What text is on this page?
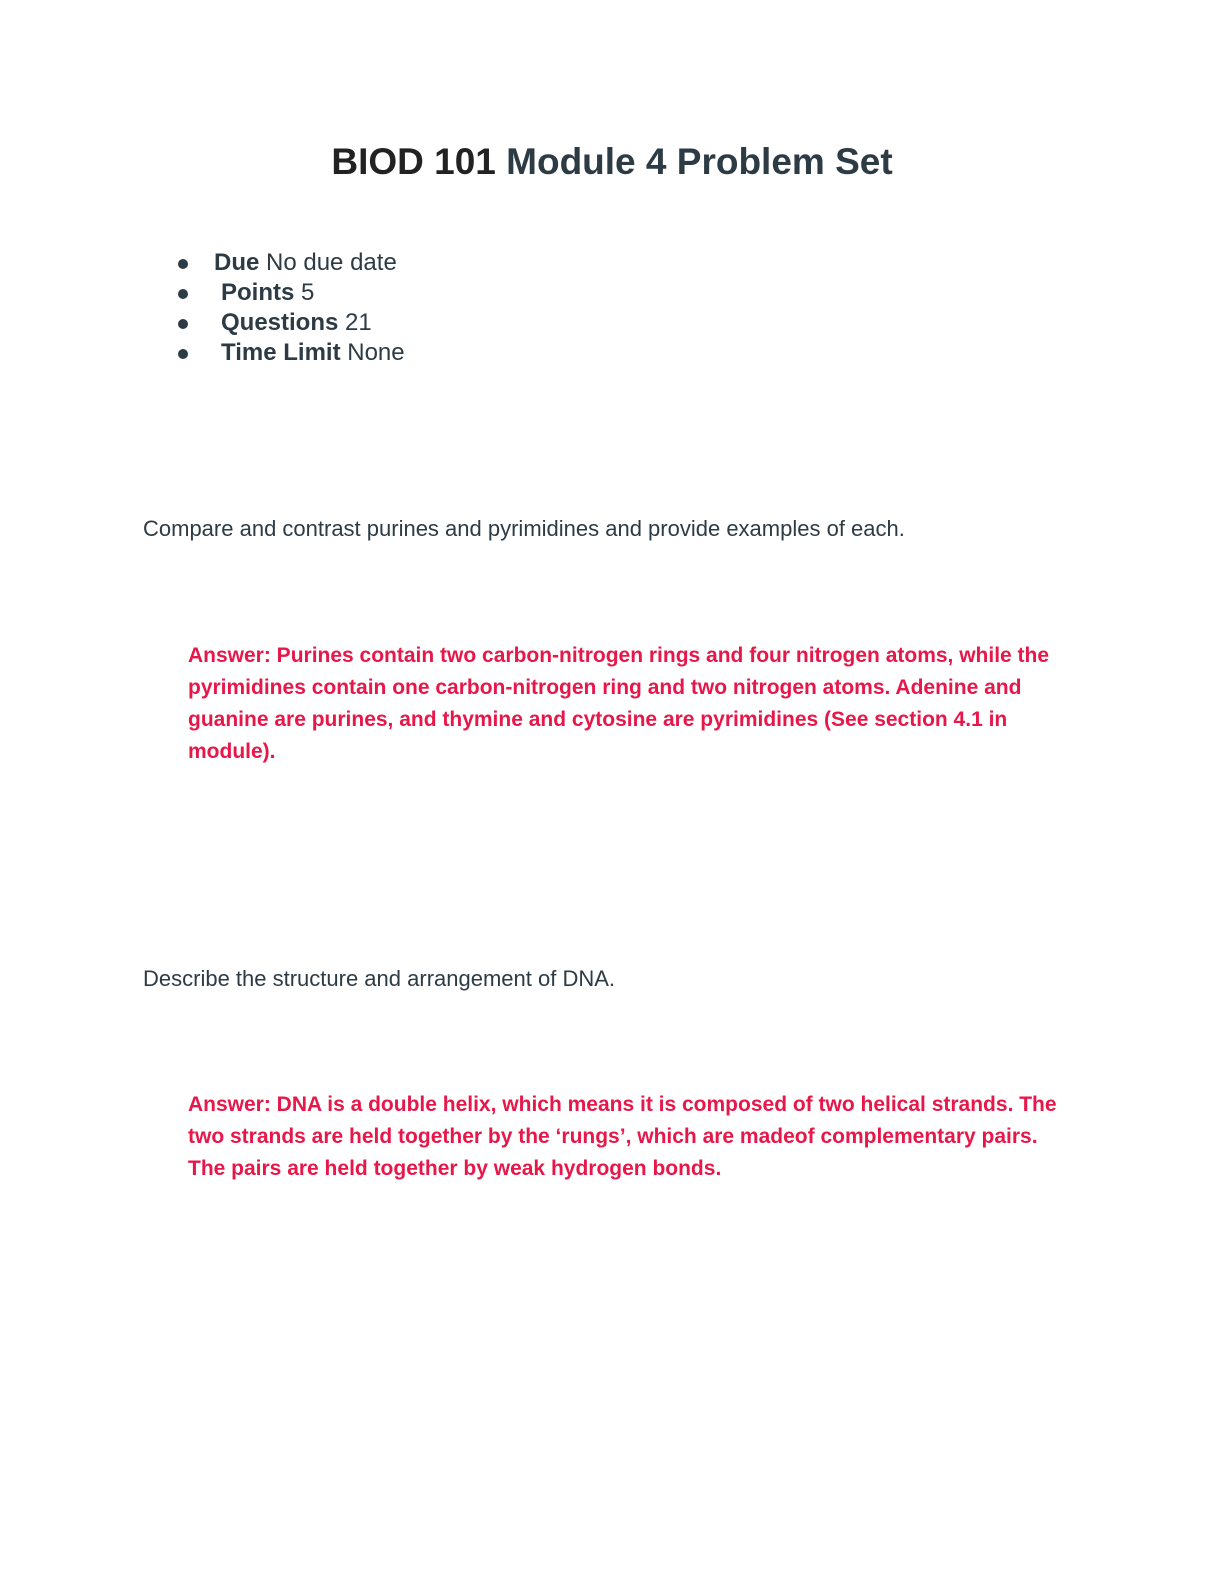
BIOD 101 Module 4 Problem Set
Due No due date
Points 5
Questions 21
Time Limit None

Compare and contrast purines and pyrimidines and provide examples of each.

Answer: Purines contain two carbon-nitrogen rings and four nitrogen atoms, while the pyrimidines contain one carbon-nitrogen ring and two nitrogen atoms. Adenine and guanine are purines, and thymine and cytosine are pyrimidines (See section 4.1 in module).

Describe the structure and arrangement of DNA.

Answer: DNA is a double helix, which means it is composed of two helical strands. The two strands are held together by the ‘rungs’, which are madeof complementary pairs. The pairs are held together by weak hydrogen bonds.
